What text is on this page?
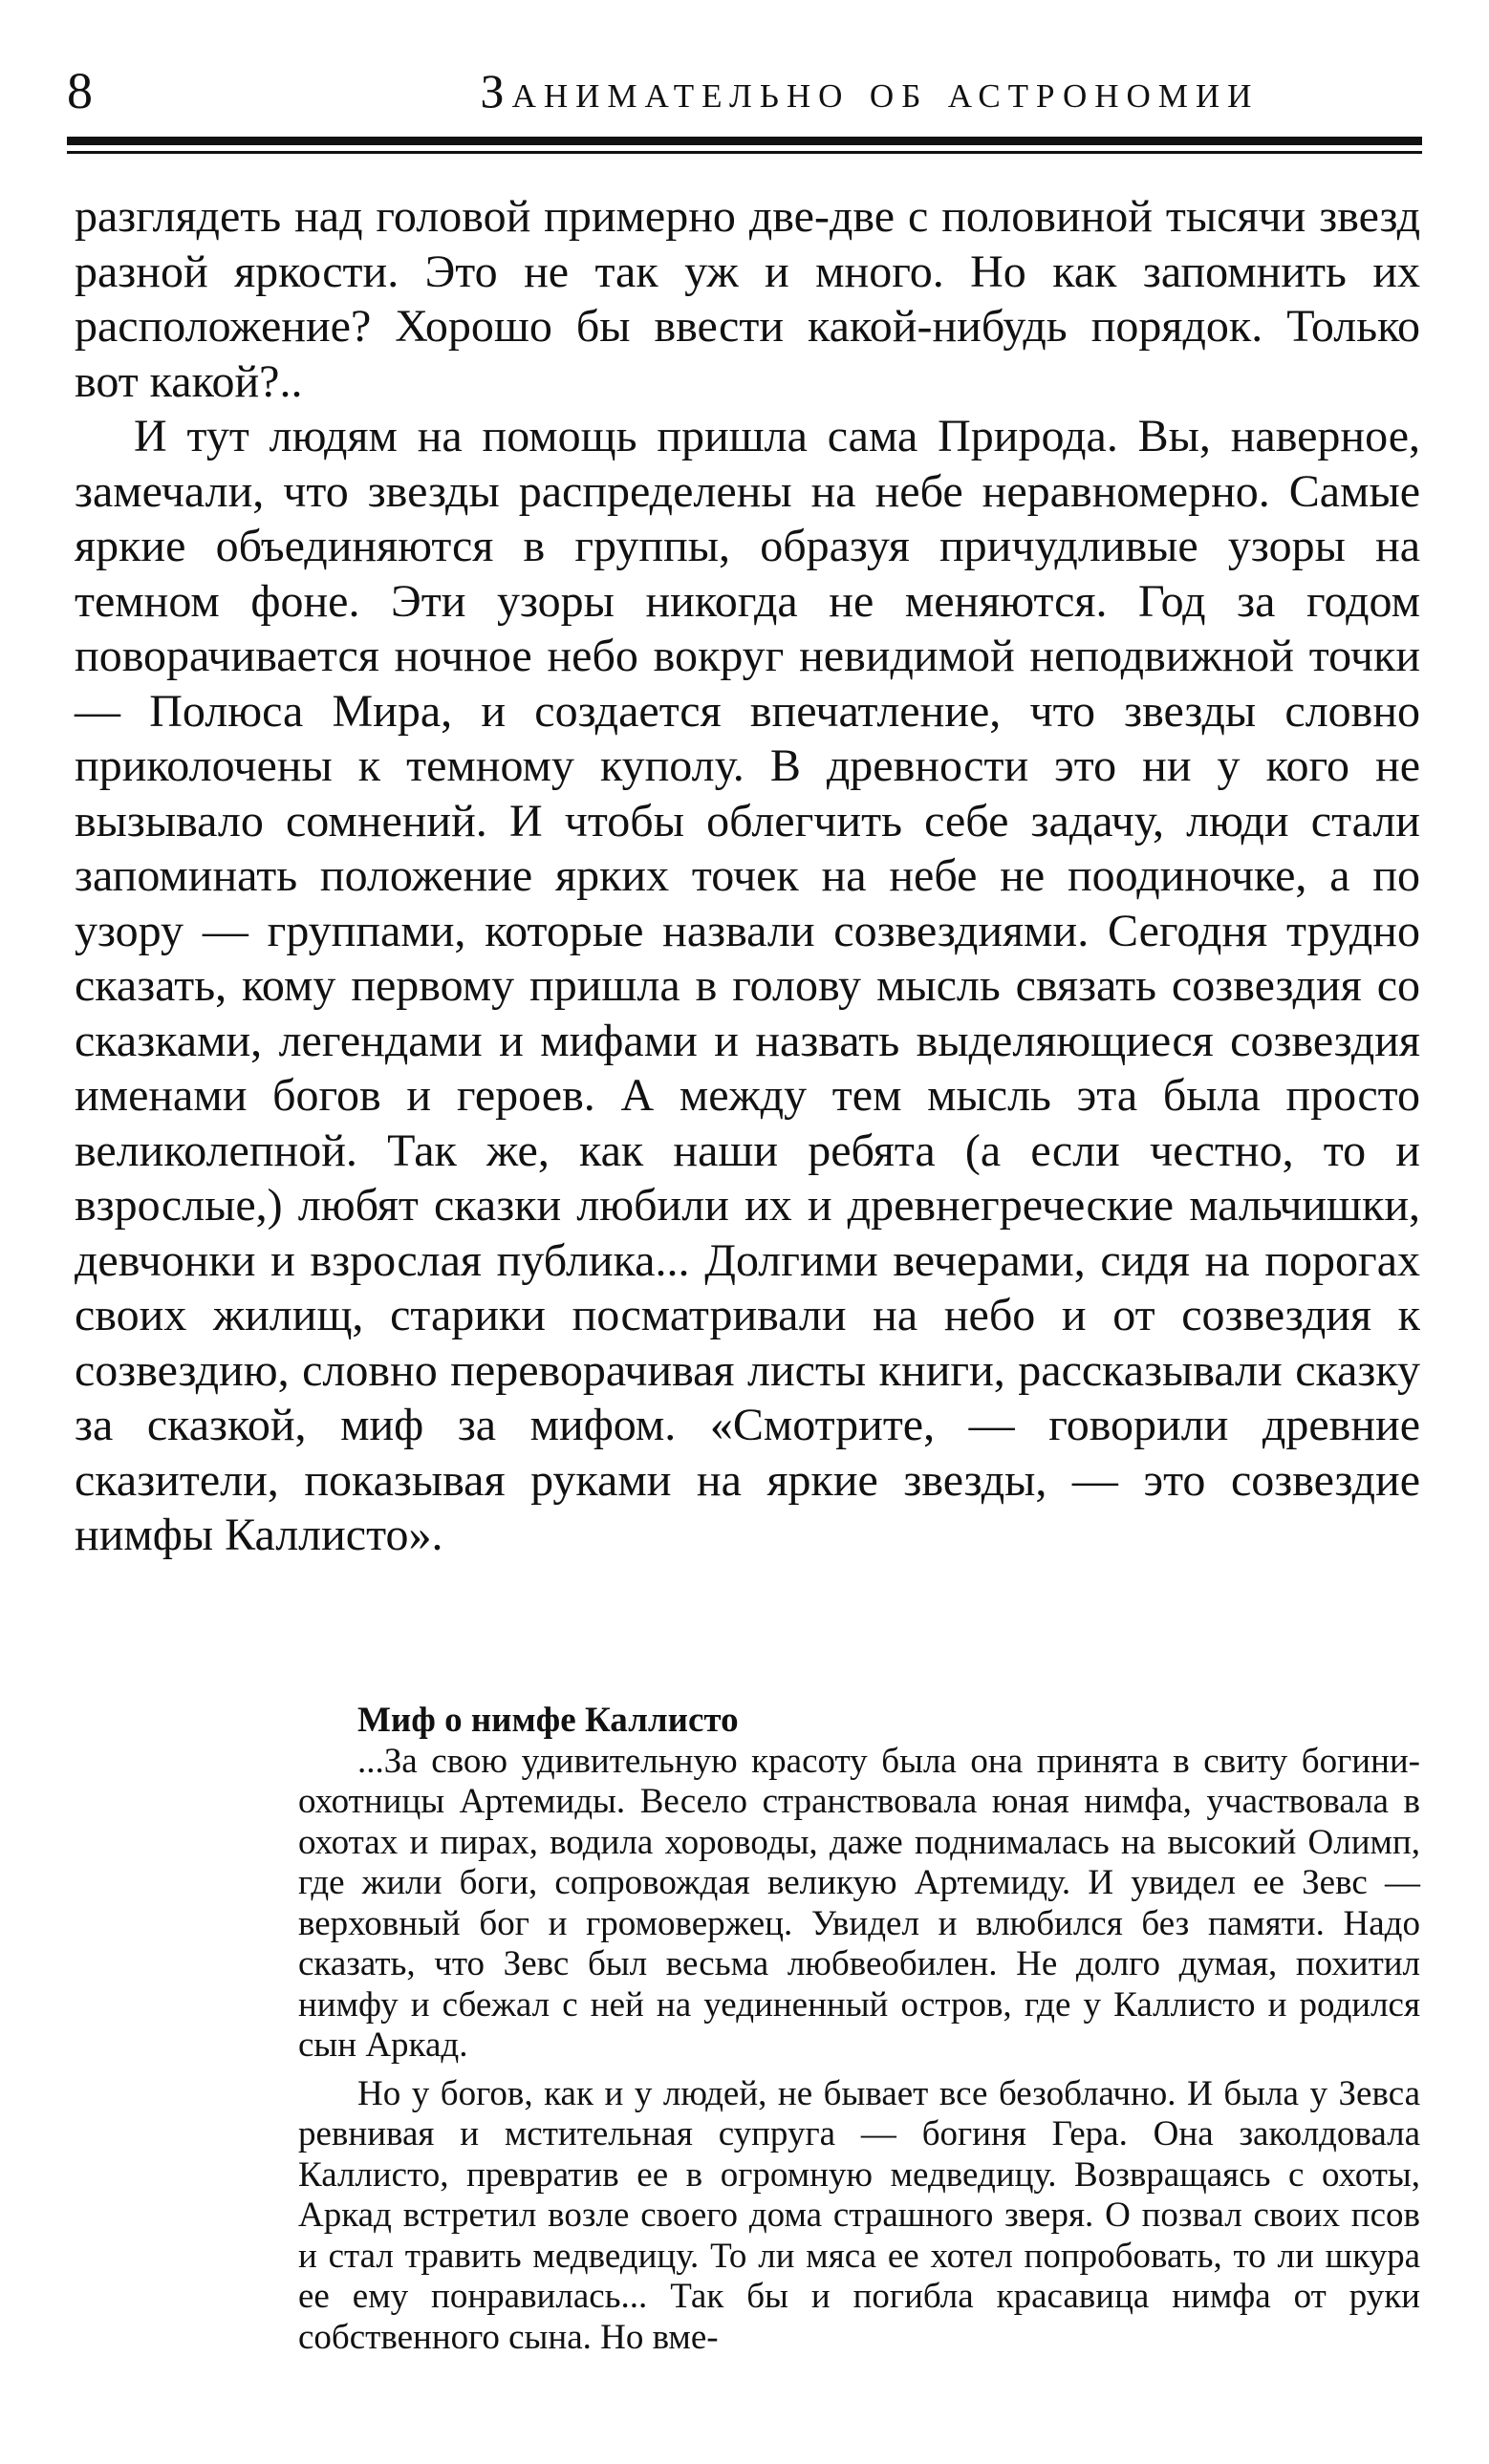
8	Занимательно об астрономии

разглядеть над головой примерно две-две с половиной тысячи звезд разной яркости. Это не так уж и много. Но как запомнить их расположение? Хорошо бы ввести какой-нибудь порядок. Только вот какой?..

И тут людям на помощь пришла сама Природа. Вы, наверное, замечали, что звезды распределены на небе неравномерно. Самые яркие объединяются в группы, образуя причудливые узоры на темном фоне. Эти узоры никогда не меняются. Год за годом поворачивается ночное небо вокруг невидимой неподвижной точки — Полюса Мира, и создается впечатление, что звезды словно приколочены к темному куполу. В древности это ни у кого не вызывало сомнений. И чтобы облегчить себе задачу, люди стали запоминать положение ярких точек на небе не поодиночке, а по узору — группами, которые назвали созвездиями. Сегодня трудно сказать, кому первому пришла в голову мысль связать созвездия со сказками, легендами и мифами и назвать выделяющиеся созвездия именами богов и героев. А между тем мысль эта была просто великолепной. Так же, как наши ребята (а если честно, то и взрослые,) любят сказки любили их и древнегреческие мальчишки, девчонки и взрослая публика... Долгими вечерами, сидя на порогах своих жилищ, старики посматривали на небо и от созвездия к созвездию, словно переворачивая листы книги, рассказывали сказку за сказкой, миф за мифом. «Смотрите, — говорили древние сказители, показывая руками на яркие звезды, — это созвездие нимфы Каллисто».

Миф о нимфе Каллисто

...За свою удивительную красоту была она принята в свиту богини-охотницы Артемиды. Весело странствовала юная нимфа, участвовала в охотах и пирах, водила хороводы, даже поднималась на высокий Олимп, где жили боги, сопровождая великую Артемиду. И увидел ее Зевс — верховный бог и громовержец. Увидел и влюбился без памяти. Надо сказать, что Зевс был весьма любвеобилен. Не долго думая, похитил нимфу и сбежал с ней на уединенный остров, где у Каллисто и родился сын Аркад.

Но у богов, как и у людей, не бывает все безоблачно. И была у Зевса ревнивая и мстительная супруга — богиня Гера. Она заколдовала Каллисто, превратив ее в огромную медведицу. Возвращаясь с охоты, Аркад встретил возле своего дома страшного зверя. О позвал своих псов и стал травить медведицу. То ли мяса ее хотел попробовать, то ли шкура ее ему понравилась... Так бы и погибла красавица нимфа от руки собственного сына. Но вме-
